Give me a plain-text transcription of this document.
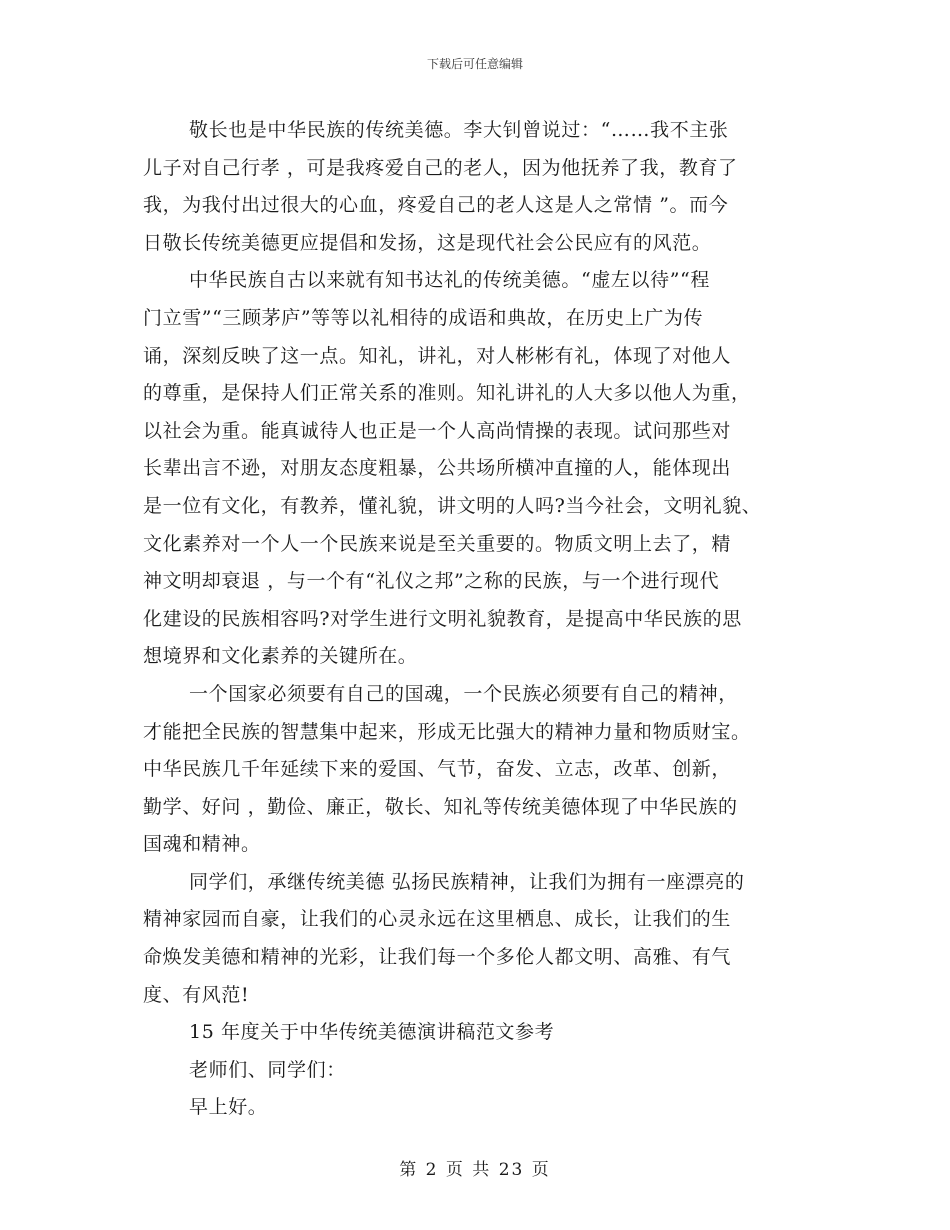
下载后可任意编辑

敬长也是中华民族的传统美德。李大钊曾说过：“……我不主张
儿子对自己行孝 ，可是我疼爱自己的老人，因为他抚养了我，教育了
我，为我付出过很大的心血，疼爱自己的老人这是人之常情 ”。而今
日敬长传统美德更应提倡和发扬，这是现代社会公民应有的风范。

中华民族自古以来就有知书达礼的传统美德。“虚左以待”“程
门立雪”“三顾茅庐”等等以礼相待的成语和典故，在历史上广为传
诵，深刻反映了这一点。知礼，讲礼，对人彬彬有礼，体现了对他人
的尊重，是保持人们正常关系的准则。知礼讲礼的人大多以他人为重，
以社会为重。能真诚待人也正是一个人高尚情操的表现。试问那些对
长辈出言不逊，对朋友态度粗暴，公共场所横冲直撞的人，能体现出
是一位有文化，有教养，懂礼貌，讲文明的人吗?当今社会，文明礼貌、
文化素养对一个人一个民族来说是至关重要的。物质文明上去了，精
神文明却衰退 ，与一个有“礼仪之邦”之称的民族，与一个进行现代
化建设的民族相容吗?对学生进行文明礼貌教育，是提高中华民族的思
想境界和文化素养的关键所在。

一个国家必须要有自己的国魂，一个民族必须要有自己的精神，
才能把全民族的智慧集中起来，形成无比强大的精神力量和物质财宝。
中华民族几千年延续下来的爱国、气节，奋发、立志，改革、创新，
勤学、好问 ，勤俭、廉正，敬长、知礼等传统美德体现了中华民族的
国魂和精神。

同学们，承继传统美德 弘扬民族精神，让我们为拥有一座漂亮的
精神家园而自豪，让我们的心灵永远在这里栖息、成长，让我们的生
命焕发美德和精神的光彩，让我们每一个多伦人都文明、高雅、有气
度、有风范!

15 年度关于中华传统美德演讲稿范文参考

老师们、同学们：

早上好。

第 2 页 共 23 页
